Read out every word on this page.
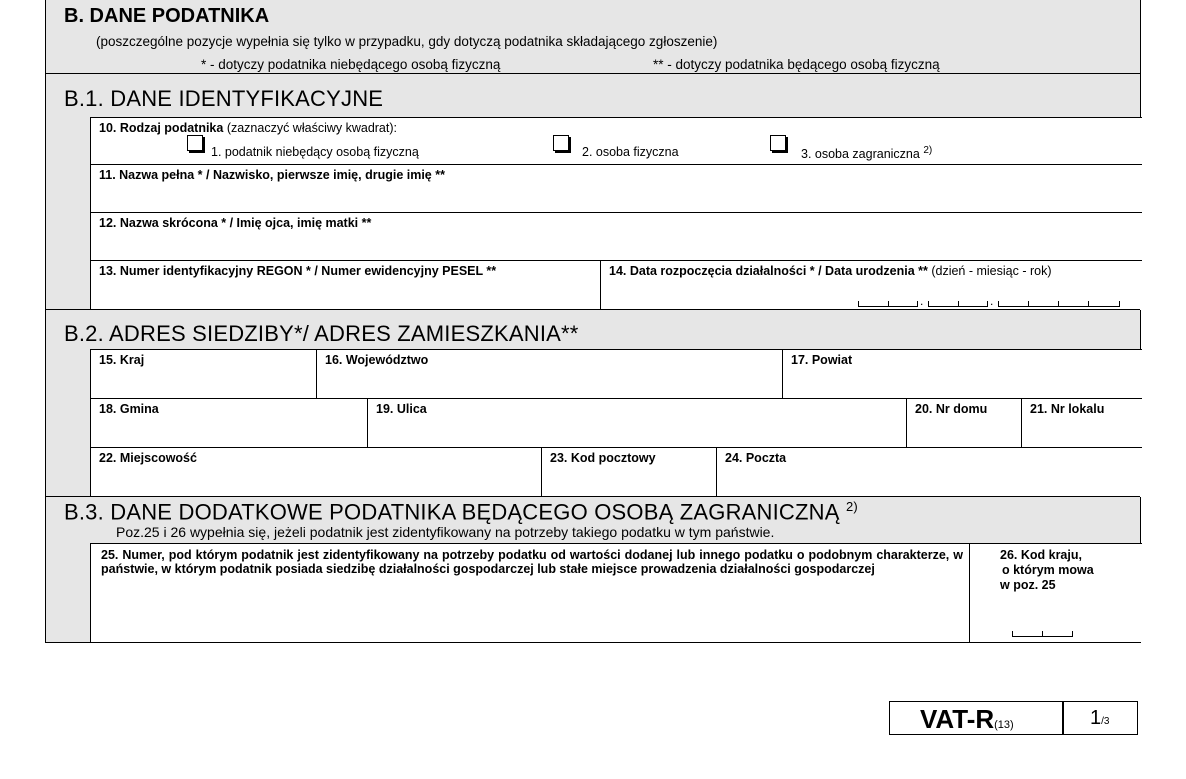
B. DANE PODATNIKA
(poszczególne pozycje wypełnia się tylko w przypadku, gdy dotyczą podatnika składającego zgłoszenie)
* - dotyczy podatnika niebędącego osobą fizyczną	** - dotyczy podatnika będącego osobą fizyczną
B.1. DANE IDENTYFIKACYJNE
10. Rodzaj podatnika (zaznaczyć właściwy kwadrat):
1. podatnik niebędący osobą fizyczną	2. osoba fizyczna	3. osoba zagraniczna $^{2)}$
11. Nazwa pełna * / Nazwisko, pierwsze imię, drugie imię **
12. Nazwa skrócona * / Imię ojca, imię matki **
13. Numer identyfikacyjny REGON * / Numer ewidencyjny PESEL **	14. Data rozpoczęcia działalności * / Data urodzenia ** (dzień - miesiąc - rok)
.	.
B.2. ADRES SIEDZIBY*/ ADRES ZAMIESZKANIA**
15. Kraj	16. Województwo	17. Powiat
18. Gmina	19. Ulica	20. Nr domu	21. Nr lokalu
22. Miejscowość	23. Kod pocztowy	24. Poczta
B.3. DANE DODATKOWE PODATNIKA BĘDĄCEGO OSOBĄ ZAGRANICZNĄ $^{2)}$
Poz.25 i 26 wypełnia się, jeżeli podatnik jest zidentyfikowany na potrzeby takiego podatku w tym państwie.
25. Numer, pod którym podatnik jest zidentyfikowany na potrzeby podatku od wartości dodanej lub innego podatku o podobnym charakterze, w państwie, w którym podatnik posiada siedzibę działalności gospodarczej lub stałe miejsce prowadzenia działalności gospodarczej
26. Kod kraju,
o którym mowa
w poz. 25
VAT-R(13)	1/3
